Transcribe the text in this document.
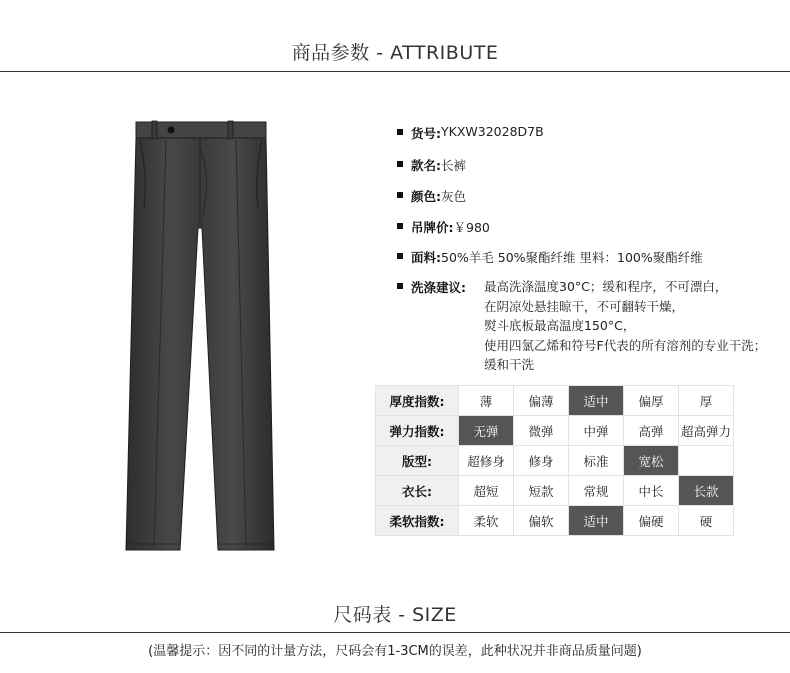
商品参数 - ATTRIBUTE
货号: YKXW32028D7B
款名: 长裤
颜色: 灰色
吊牌价: ￥980
面料: 50%羊毛 50%聚酯纤维 里料：100%聚酯纤维
洗涤建议: 最高洗涤温度30°C；缓和程序，不可漂白，
在阴凉处悬挂晾干，不可翻转干燥，
熨斗底板最高温度150°C，
使用四氯乙烯和符号F代表的所有溶剂的专业干洗；
缓和干洗
厚度指数:	薄	偏薄	适中	偏厚	厚
弹力指数:	无弹	微弹	中弹	高弹	超高弹力
版型:	超修身	修身	标准	宽松	
衣长:	超短	短款	常规	中长	长款
柔软指数:	柔软	偏软	适中	偏硬	硬
尺码表 - SIZE
(温馨提示：因不同的计量方法，尺码会有1-3CM的误差，此种状况并非商品质量问题)
